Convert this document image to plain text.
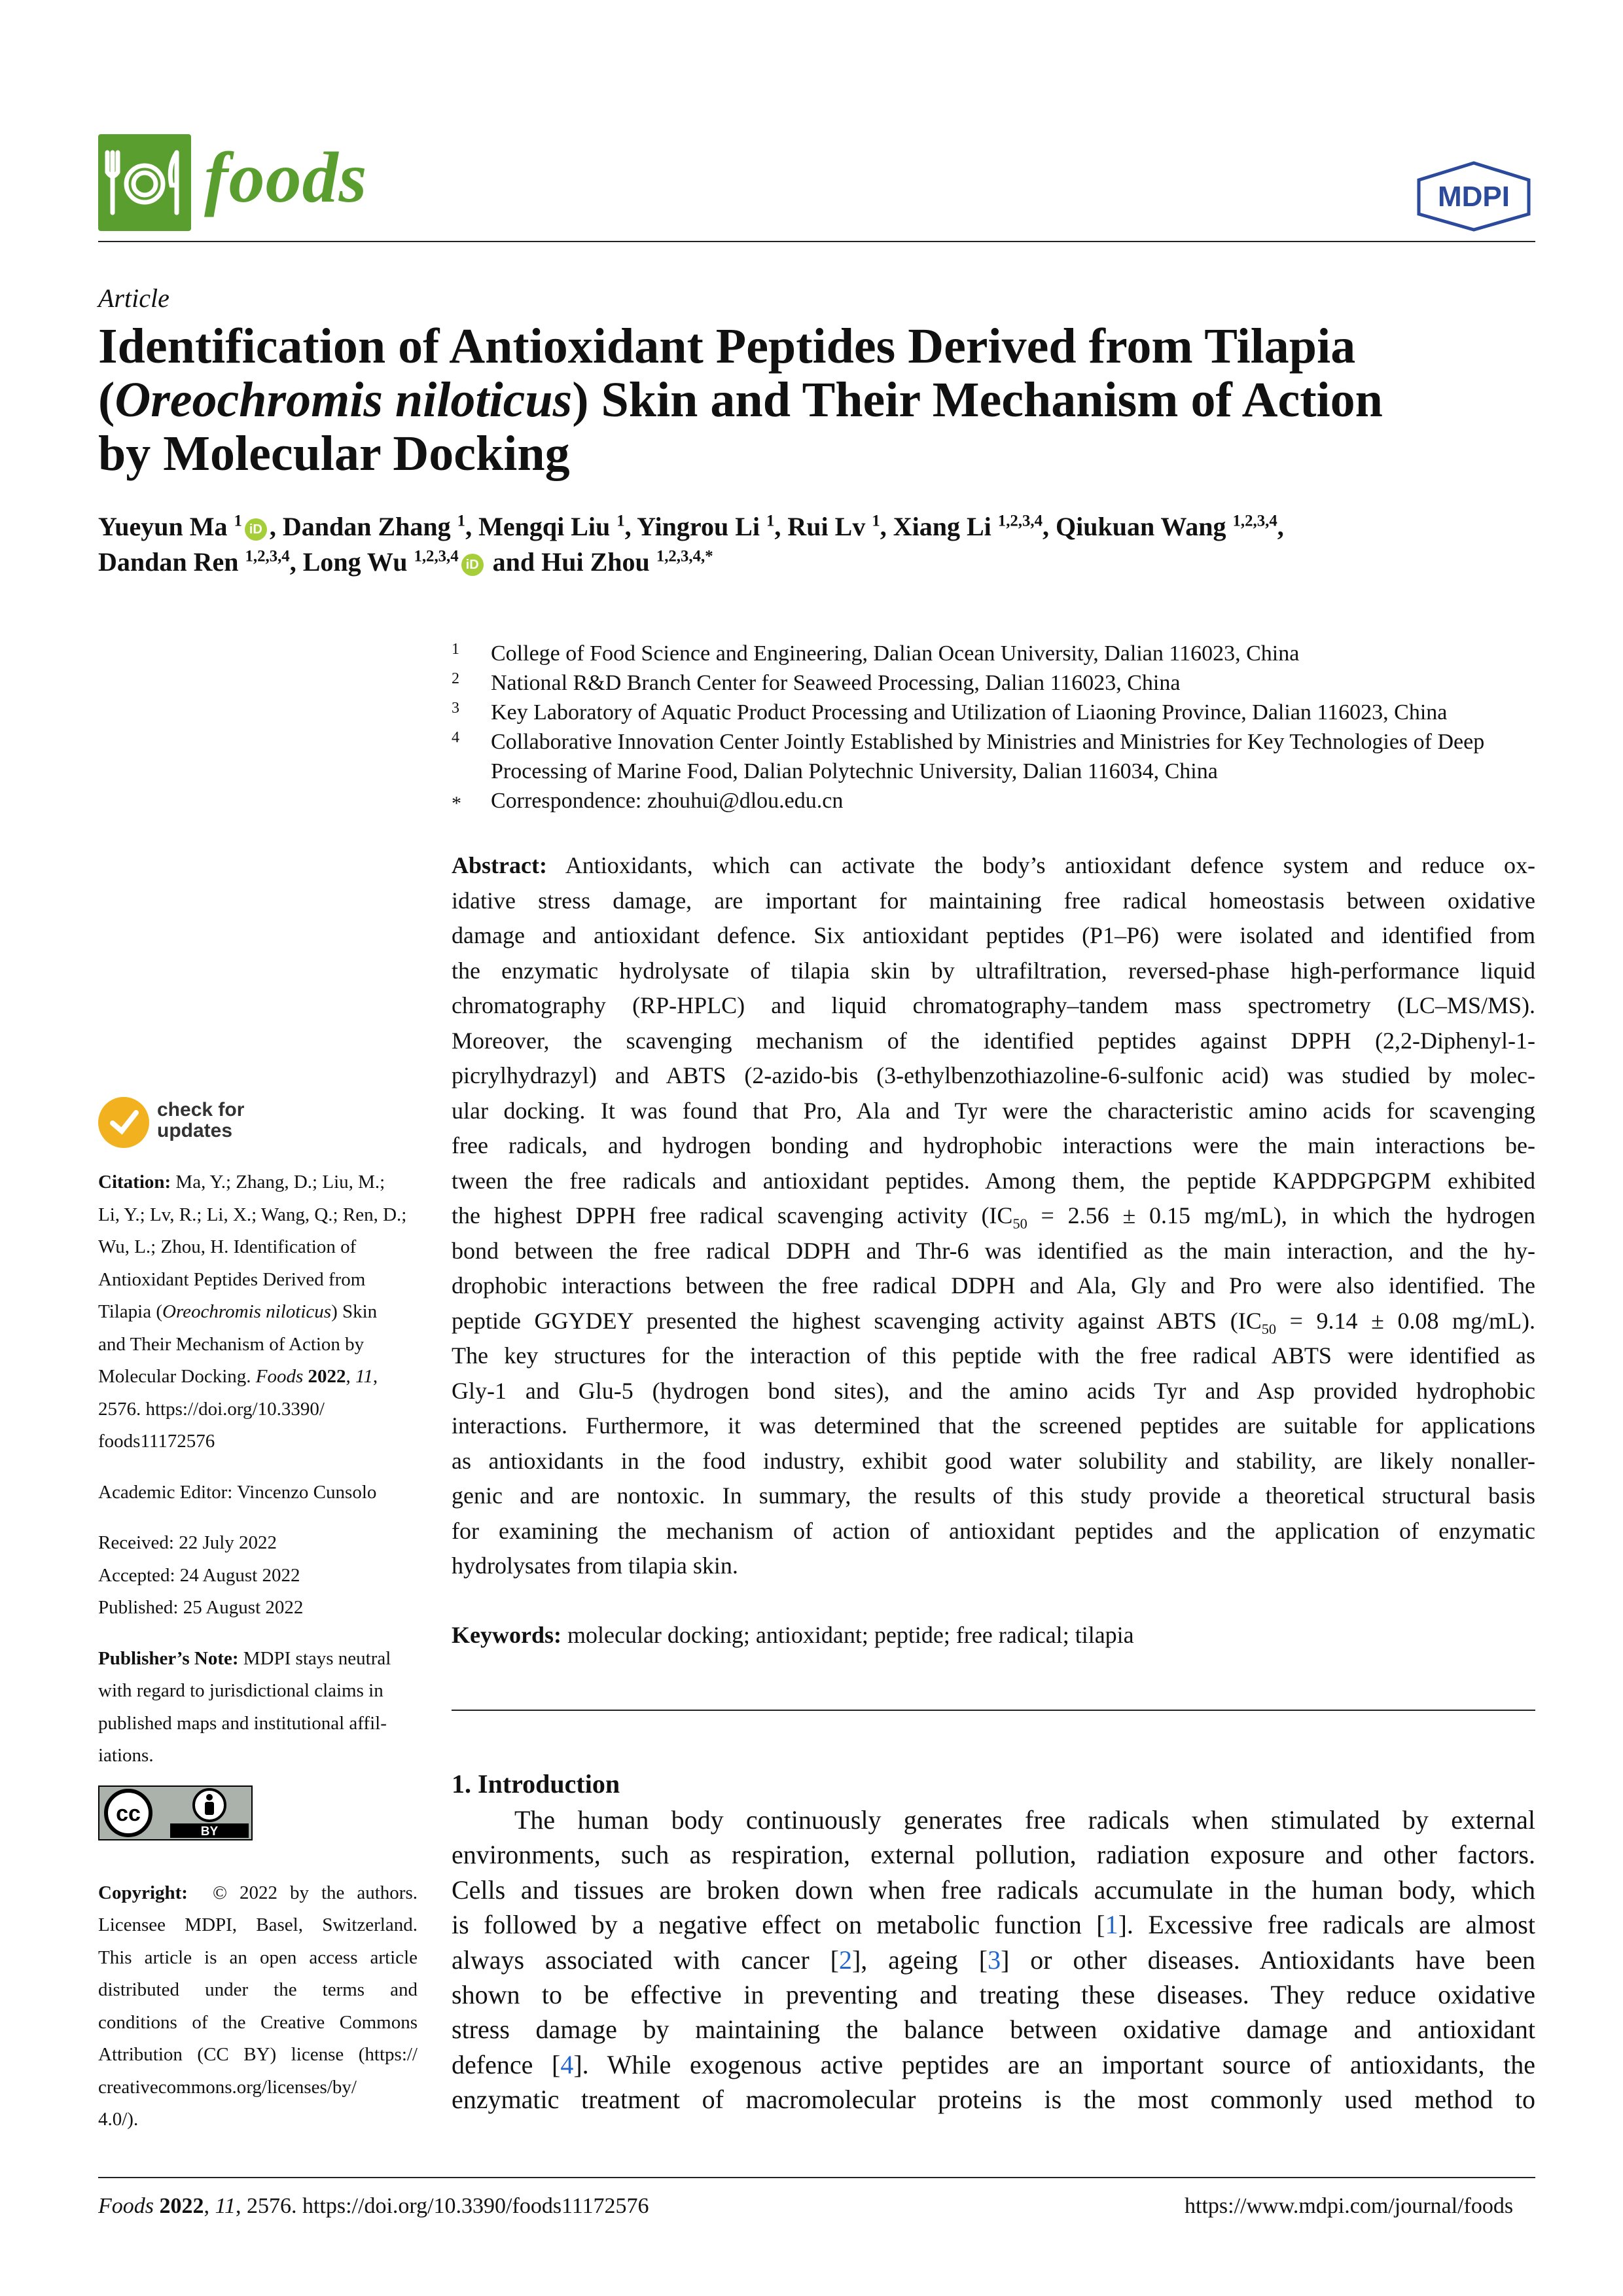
foods	MDPI
Article
Identification of Antioxidant Peptides Derived from Tilapia
(Oreochromis niloticus) Skin and Their Mechanism of Action
by Molecular Docking
Yueyun Ma $^1$ iD , Dandan Zhang $^1$, Mengqi Liu $^1$, Yingrou Li $^1$, Rui Lv $^1$, Xiang Li $^{1,2,3,4}$, Qiukuan Wang $^{1,2,3,4}$,
Dandan Ren $^{1,2,3,4}$, Long Wu $^{1,2,3,4}$ iD and Hui Zhou $^{1,2,3,4,*}$
1 College of Food Science and Engineering, Dalian Ocean University, Dalian 116023, China
2 National R&D Branch Center for Seaweed Processing, Dalian 116023, China
3 Key Laboratory of Aquatic Product Processing and Utilization of Liaoning Province, Dalian 116023, China
4 Collaborative Innovation Center Jointly Established by Ministries and Ministries for Key Technologies of Deep Processing of Marine Food, Dalian Polytechnic University, Dalian 116034, China
* Correspondence: zhouhui@dlou.edu.cn
Abstract: Antioxidants, which can activate the body’s antioxidant defence system and reduce ox-
idative stress damage, are important for maintaining free radical homeostasis between oxidative
damage and antioxidant defence. Six antioxidant peptides (P1–P6) were isolated and identified from
the enzymatic hydrolysate of tilapia skin by ultrafiltration, reversed-phase high-performance liquid
chromatography (RP-HPLC) and liquid chromatography–tandem mass spectrometry (LC–MS/MS).
Moreover, the scavenging mechanism of the identified peptides against DPPH (2,2-Diphenyl-1-
picrylhydrazyl) and ABTS (2-azido-bis (3-ethylbenzothiazoline-6-sulfonic acid) was studied by molec-
ular docking. It was found that Pro, Ala and Tyr were the characteristic amino acids for scavenging
free radicals, and hydrogen bonding and hydrophobic interactions were the main interactions be-
tween the free radicals and antioxidant peptides. Among them, the peptide KAPDPGPGPM exhibited
the highest DPPH free radical scavenging activity ($IC_{50} = 2.56 \pm 0.15$ mg/mL), in which the hydrogen
bond between the free radical DDPH and Thr-6 was identified as the main interaction, and the hy-
drophobic interactions between the free radical DDPH and Ala, Gly and Pro were also identified. The
peptide GGYDEY presented the highest scavenging activity against ABTS ($IC_{50} = 9.14 \pm 0.08$ mg/mL).
The key structures for the interaction of this peptide with the free radical ABTS were identified as
Gly-1 and Glu-5 (hydrogen bond sites), and the amino acids Tyr and Asp provided hydrophobic
interactions. Furthermore, it was determined that the screened peptides are suitable for applications
as antioxidants in the food industry, exhibit good water solubility and stability, are likely nonaller-
genic and are nontoxic. In summary, the results of this study provide a theoretical structural basis
for examining the mechanism of action of antioxidant peptides and the application of enzymatic
hydrolysates from tilapia skin.
Keywords: molecular docking; antioxidant; peptide; free radical; tilapia
1. Introduction
The human body continuously generates free radicals when stimulated by external
environments, such as respiration, external pollution, radiation exposure and other factors.
Cells and tissues are broken down when free radicals accumulate in the human body, which
is followed by a negative effect on metabolic function [1]. Excessive free radicals are almost
always associated with cancer [2], ageing [3] or other diseases. Antioxidants have been
shown to be effective in preventing and treating these diseases. They reduce oxidative
stress damage by maintaining the balance between oxidative damage and antioxidant
defence [4]. While exogenous active peptides are an important source of antioxidants, the
enzymatic treatment of macromolecular proteins is the most commonly used method to
check for
updates
Citation: Ma, Y.; Zhang, D.; Liu, M.;
Li, Y.; Lv, R.; Li, X.; Wang, Q.; Ren, D.;
Wu, L.; Zhou, H. Identification of
Antioxidant Peptides Derived from
Tilapia (Oreochromis niloticus) Skin
and Their Mechanism of Action by
Molecular Docking. Foods 2022, 11,
2576. https://doi.org/10.3390/
foods11172576
Academic Editor: Vincenzo Cunsolo
Received: 22 July 2022
Accepted: 24 August 2022
Published: 25 August 2022
Publisher’s Note: MDPI stays neutral
with regard to jurisdictional claims in
published maps and institutional affil-
iations.
Copyright:  © 2022 by the authors.
Licensee MDPI, Basel, Switzerland.
This article is an open access article
distributed under the terms and
conditions of the Creative Commons
Attribution (CC BY) license (https://
creativecommons.org/licenses/by/
4.0/).
BY
cc
Foods 2022, 11, 2576. https://doi.org/10.3390/foods11172576	https://www.mdpi.com/journal/foods
